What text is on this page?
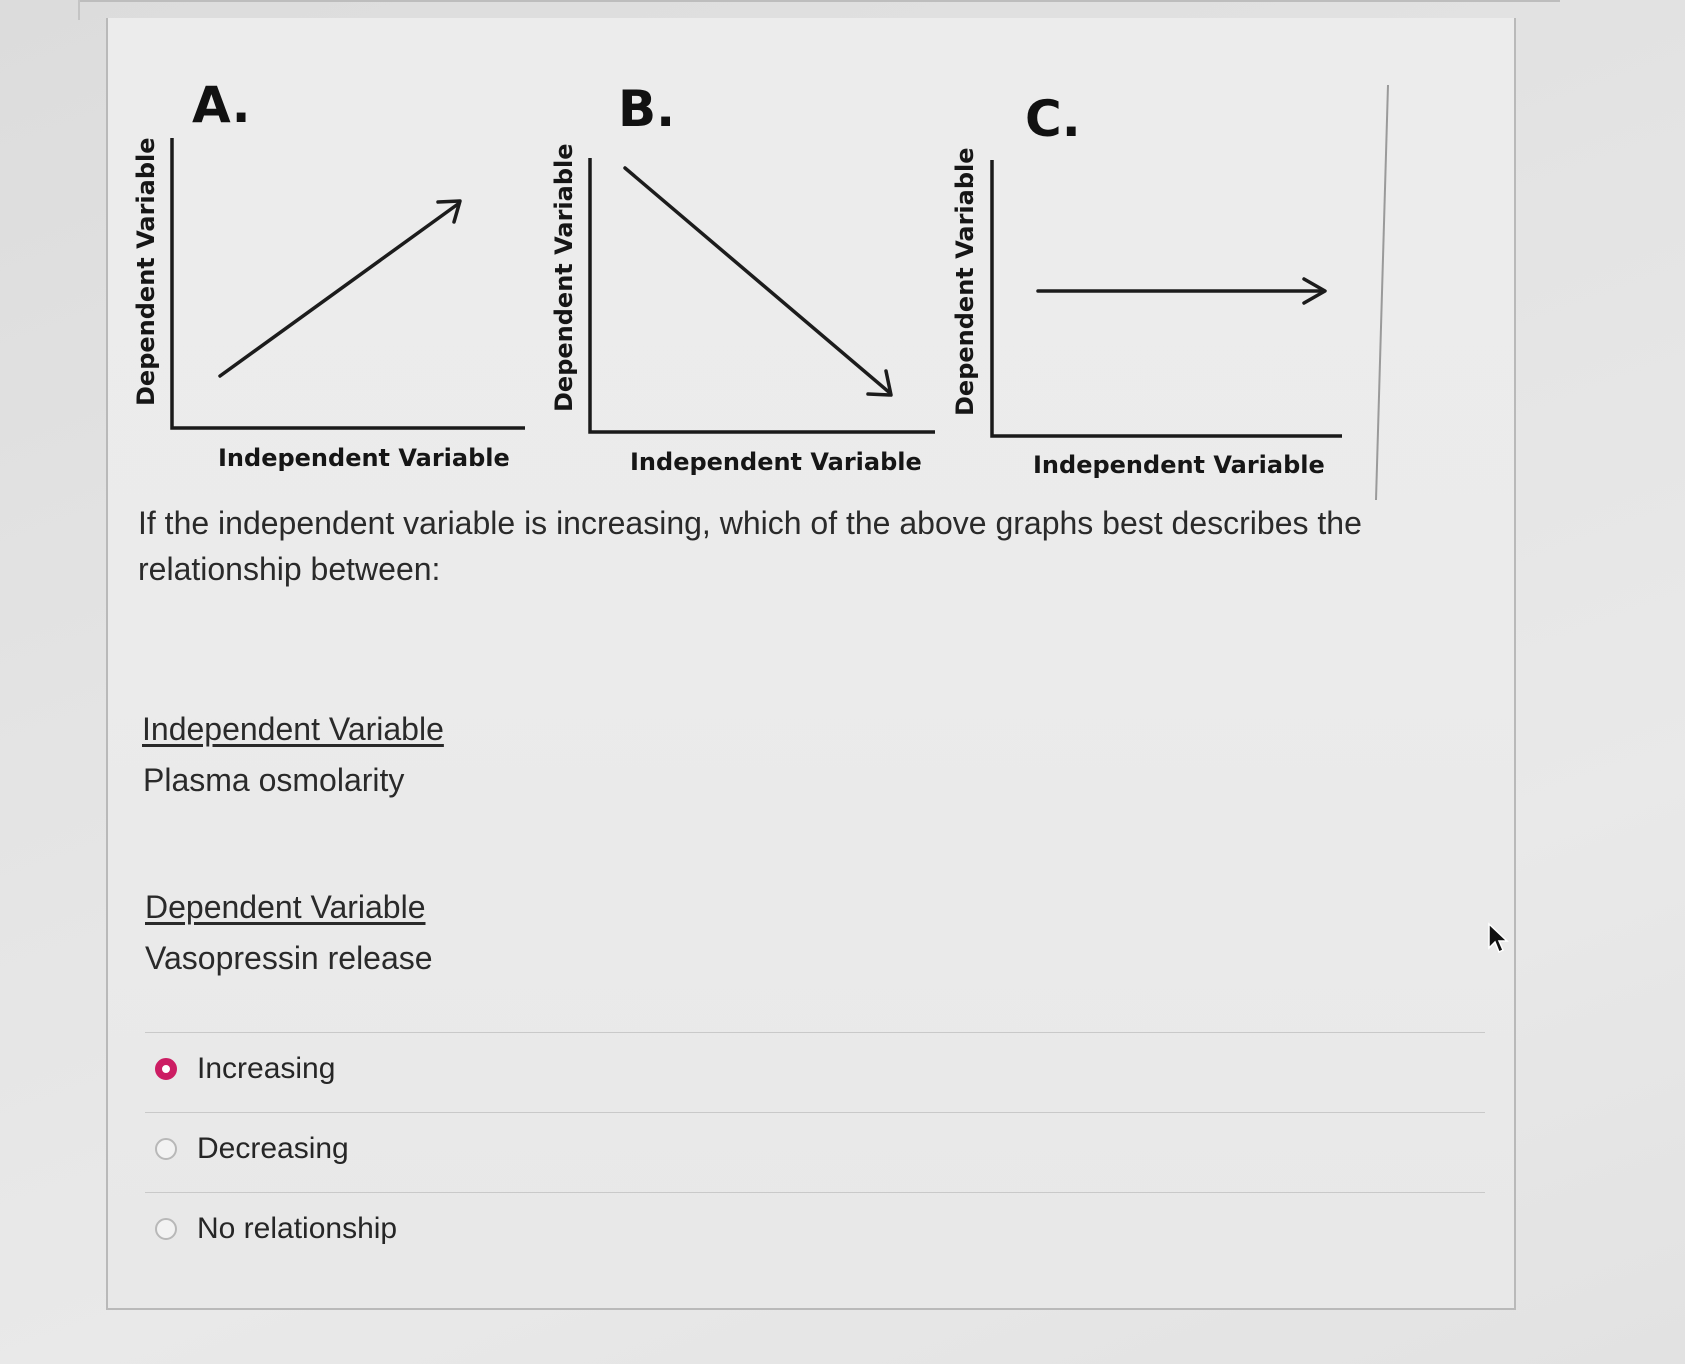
A.
Dependent Variable
Independent Variable
B.
Dependent Variable
Independent Variable
C.
Dependent Variable
Independent Variable
If the independent variable is increasing, which of the above graphs best describes the relationship between:
Independent Variable
Plasma osmolarity
Dependent Variable
Vasopressin release
Increasing
Decreasing
No relationship
